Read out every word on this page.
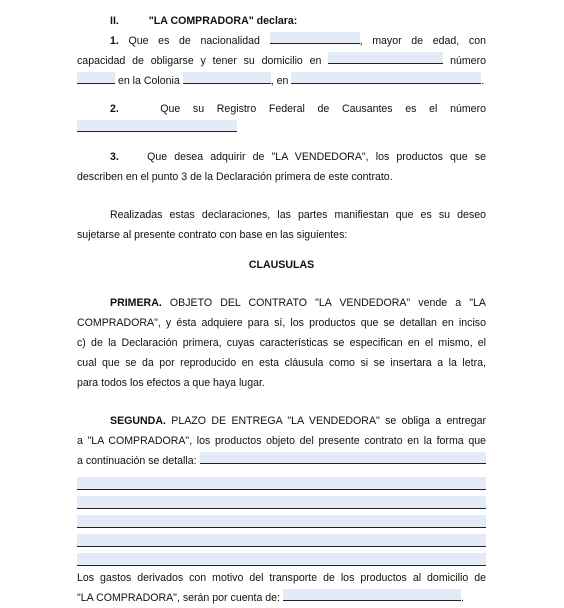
II.	"LA COMPRADORA" declara:
1. Que es de nacionalidad	, mayor de edad, con
capacidad de obligarse y tener su domicilio en	número
en la Colonia	, en	.
2.	Que su Registro Federal de Causantes es el número
3.	Que desea adquirir de "LA VENDEDORA", los productos que se
describen en el punto 3 de la Declaración primera de este contrato.
Realizadas estas declaraciones, las partes manifiestan que es su deseo
sujetarse al presente contrato con base en las siguientes:
CLAUSULAS
PRIMERA. OBJETO DEL CONTRATO "LA VENDEDORA" vende a "LA
COMPRADORA", y ésta adquiere para sí, los productos que se detallan en inciso
c) de la Declaración primera, cuyas características se especifican en el mismo, el
cual que se da por reproducido en esta cláusula como si se insertara a la letra,
para todos los efectos a que haya lugar.
SEGUNDA. PLAZO DE ENTREGA "LA VENDEDORA" se obliga a entregar
a "LA COMPRADORA", los productos objeto del presente contrato en la forma que
a continuación se detalla:
Los gastos derivados con motivo del transporte de los productos al domicilio de
"LA COMPRADORA", serán por cuenta de:	.
